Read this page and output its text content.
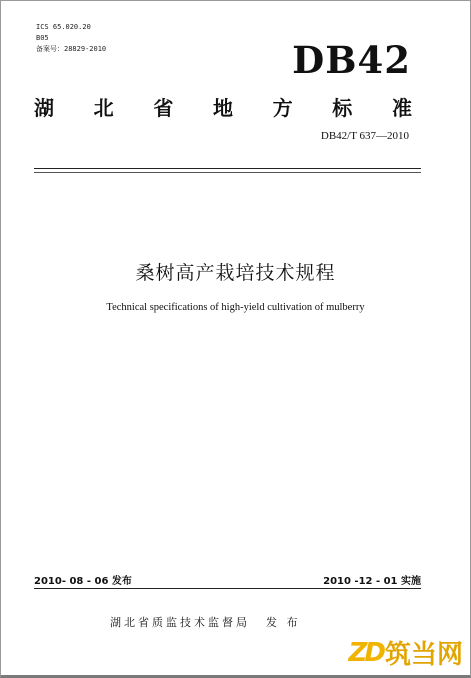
ICS 65.020.20
B05
备案号：28829-2010	DB42
湖 北 省 地 方 标 准
DB42/T 637—2010
桑树高产栽培技术规程
Technical specifications of high-yield cultivation of mulberry
2010- 08 - 06 发布	2010 -12 - 01 实施
湖北省质监技术监督局 发 布
ZD 筑当网
